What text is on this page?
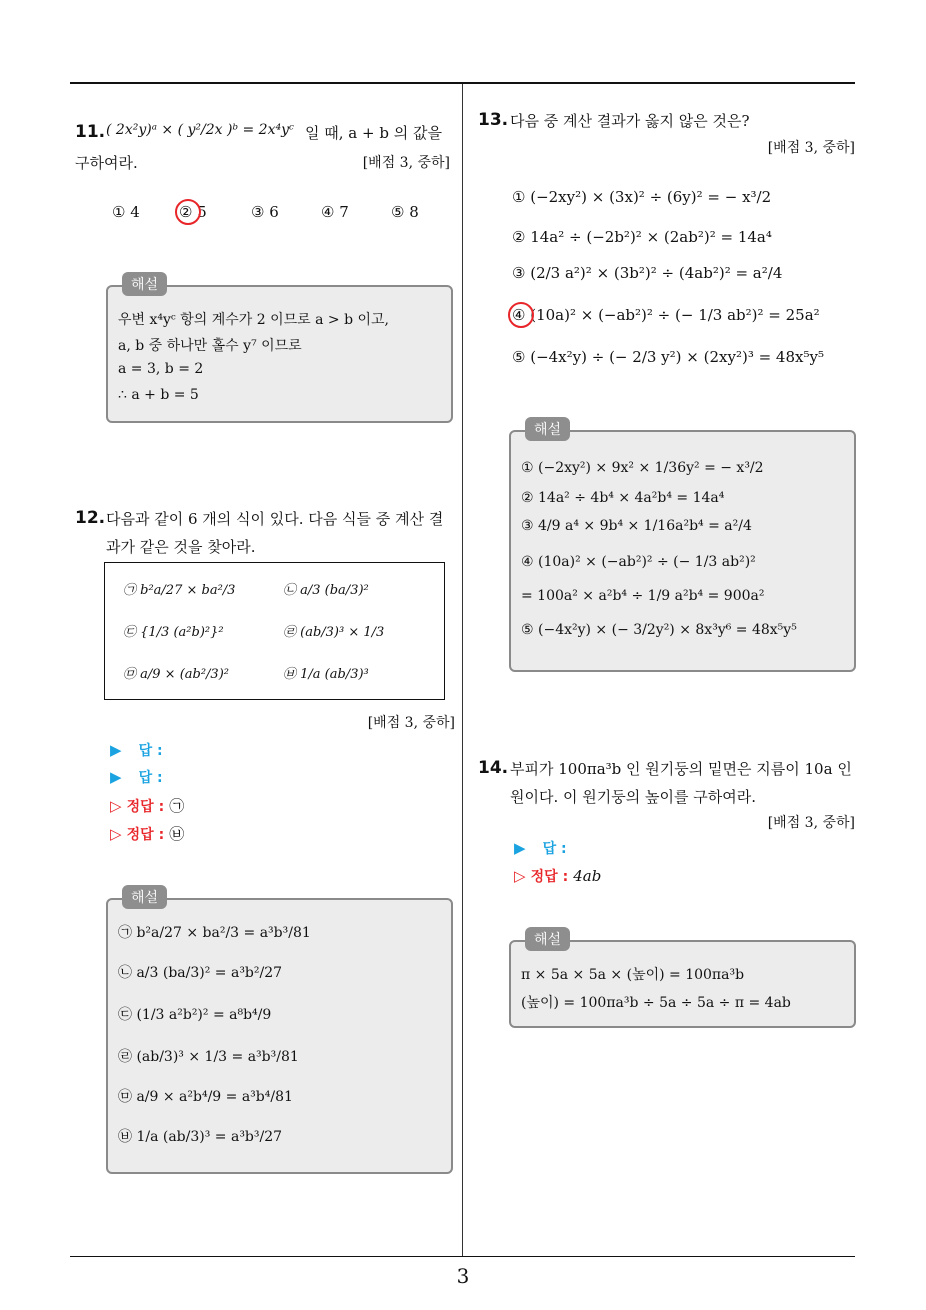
3
11. ( 2x²y)ᵃ × ( y²/2x )ᵇ = 2x⁴yᶜ 일 때, a + b 의 값을
구하여라.	[배점 3, 중하]
① 4	② 5	③ 6	④ 7	⑤ 8
해설
우변 x⁴yᶜ 항의 계수가 2 이므로 a > b 이고,
a, b 중 하나만 홀수 y⁷ 이므로
a = 3, b = 2
∴ a + b = 5
12. 다음과 같이 6 개의 식이 있다. 다음 식들 중 계산 결
과가 같은 것을 찾아라.
㉠ b²a/27 × ba²/3	㉡ a/3 (ba/3)²
㉢ {1/3 (a²b)²}²	㉣ (ab/3)³ × 1/3
㉤ a/9 × (ab²/3)²	㉥ 1/a (ab/3)³
[배점 3, 중하]
▶ 답 :
▶ 답 :
▷ 정답 : ㉠
▷ 정답 : ㉥
해설
㉠ b²a/27 × ba²/3 = a³b³/81
㉡ a/3 (ba/3)² = a³b²/27
㉢ (1/3 a²b²)² = a⁸b⁴/9
㉣ (ab/3)³ × 1/3 = a³b³/81
㉤ a/9 × a²b⁴/9 = a³b⁴/81
㉥ 1/a (ab/3)³ = a³b³/27
13. 다음 중 계산 결과가 옳지 않은 것은?
[배점 3, 중하]
① (−2xy²) × (3x)² ÷ (6y)² = − x³/2
② 14a² ÷ (−2b²)² × (2ab²)² = 14a⁴
③ (2/3 a²)² × (3b²)² ÷ (4ab²)² = a²/4
④ (10a)² × (−ab²)² ÷ (− 1/3 ab²)² = 25a²
⑤ (−4x²y) ÷ (− 2/3 y²) × (2xy²)³ = 48x⁵y⁵
해설
① (−2xy²) × 9x² × 1/36y² = − x³/2
② 14a² ÷ 4b⁴ × 4a²b⁴ = 14a⁴
③ 4/9 a⁴ × 9b⁴ × 1/16a²b⁴ = a²/4
④ (10a)² × (−ab²)² ÷ (− 1/3 ab²)²
= 100a² × a²b⁴ ÷ 1/9 a²b⁴ = 900a²
⑤ (−4x²y) × (− 3/2y²) × 8x³y⁶ = 48x⁵y⁵
14. 부피가 100πa³b 인 원기둥의 밑면은 지름이 10a 인
원이다. 이 원기둥의 높이를 구하여라.
[배점 3, 중하]
▶ 답 :
▷ 정답 : 4ab
해설
π × 5a × 5a × (높이) = 100πa³b
(높이) = 100πa³b ÷ 5a ÷ 5a ÷ π = 4ab
